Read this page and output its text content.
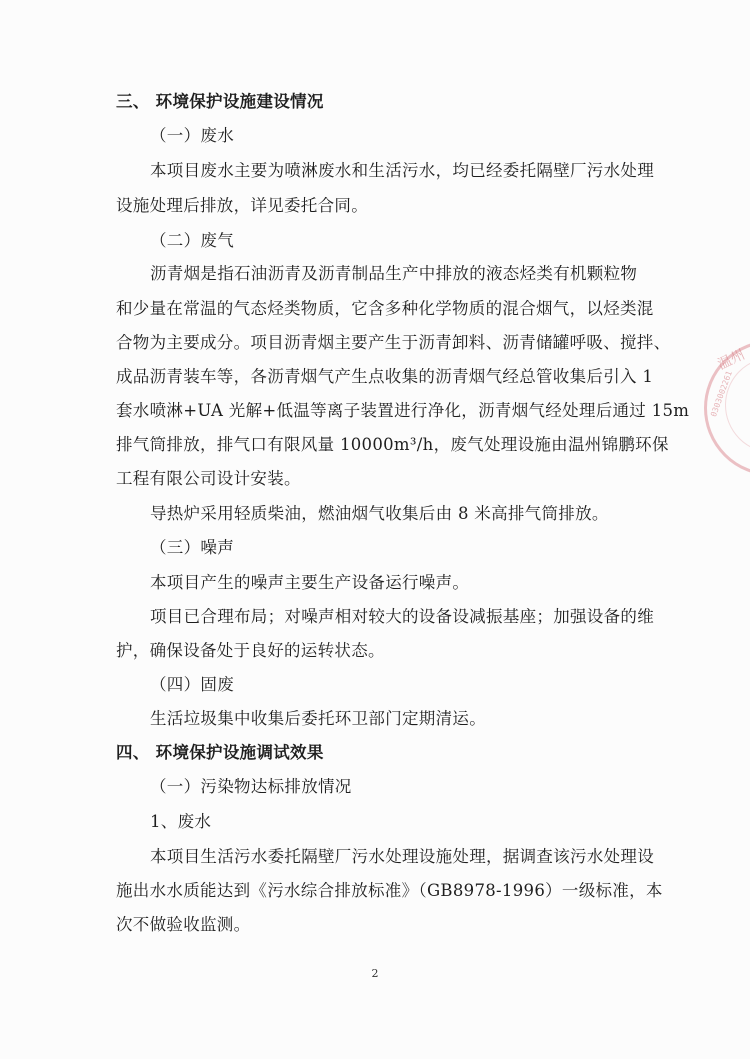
三、 环境保护设施建设情况
（一）废水
本项目废水主要为喷淋废水和生活污水，均已经委托隔壁厂污水处理
设施处理后排放，详见委托合同。
（二）废气
沥青烟是指石油沥青及沥青制品生产中排放的液态烃类有机颗粒物
和少量在常温的气态烃类物质，它含多种化学物质的混合烟气，以烃类混
合物为主要成分。项目沥青烟主要产生于沥青卸料、沥青储罐呼吸、搅拌、
成品沥青装车等，各沥青烟气产生点收集的沥青烟气经总管收集后引入 1
套水喷淋+UA 光解+低温等离子装置进行净化，沥青烟气经处理后通过 15m
排气筒排放，排气口有限风量 10000m³/h，废气处理设施由温州锦鹏环保
工程有限公司设计安装。
导热炉采用轻质柴油，燃油烟气收集后由 8 米高排气筒排放。
（三）噪声
本项目产生的噪声主要生产设备运行噪声。
项目已合理布局；对噪声相对较大的设备设减振基座；加强设备的维
护，确保设备处于良好的运转状态。
（四）固废
生活垃圾集中收集后委托环卫部门定期清运。
四、 环境保护设施调试效果
（一）污染物达标排放情况
1、废水
本项目生活污水委托隔壁厂污水处理设施处理，据调查该污水处理设
施出水水质能达到《污水综合排放标准》（GB8978-1996）一级标准，本
次不做验收监测。
2
温州
0303002261
